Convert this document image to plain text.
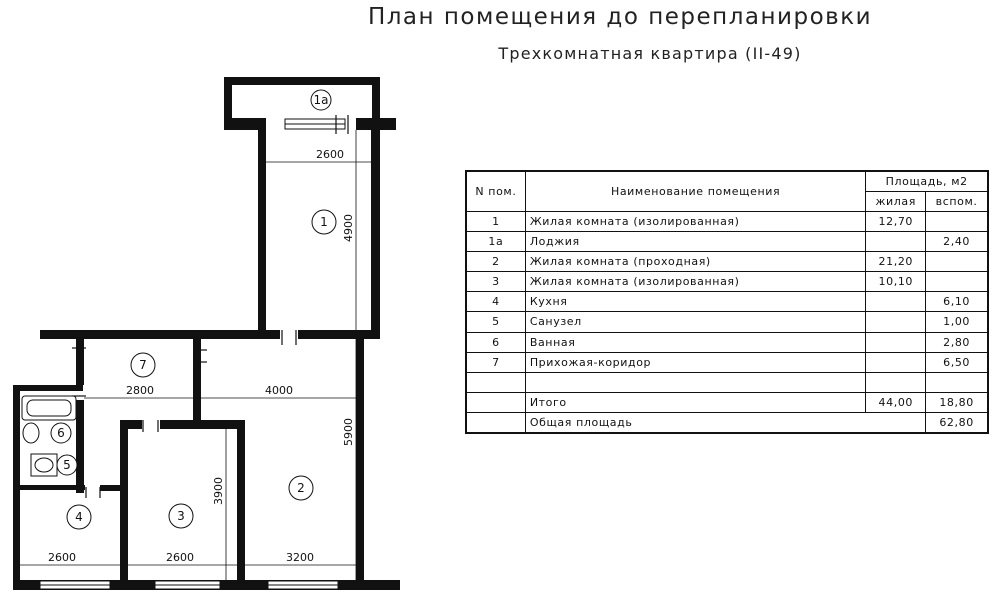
План помещения до перепланировки
Трехкомнатная квартира (II-49)
1a
1
7
2
6
5
4	3
2600
4900
2800	4000
5900
3900
2600	2600	3200
N пом.	Наименование помещения	Площадь, м2	
		жилая	вспом.
1	Жилая комната (изолированная)	12,70	
1a	Лоджия		2,40
2	Жилая комната (проходная)	21,20	
3	Жилая комната (изолированная)	10,10	
4	Кухня		6,10
5	Санузел		1,00
6	Ванная		2,80
7	Прихожая-коридор		6,50

	Итого	44,00	18,80
	Общая площадь		62,80
